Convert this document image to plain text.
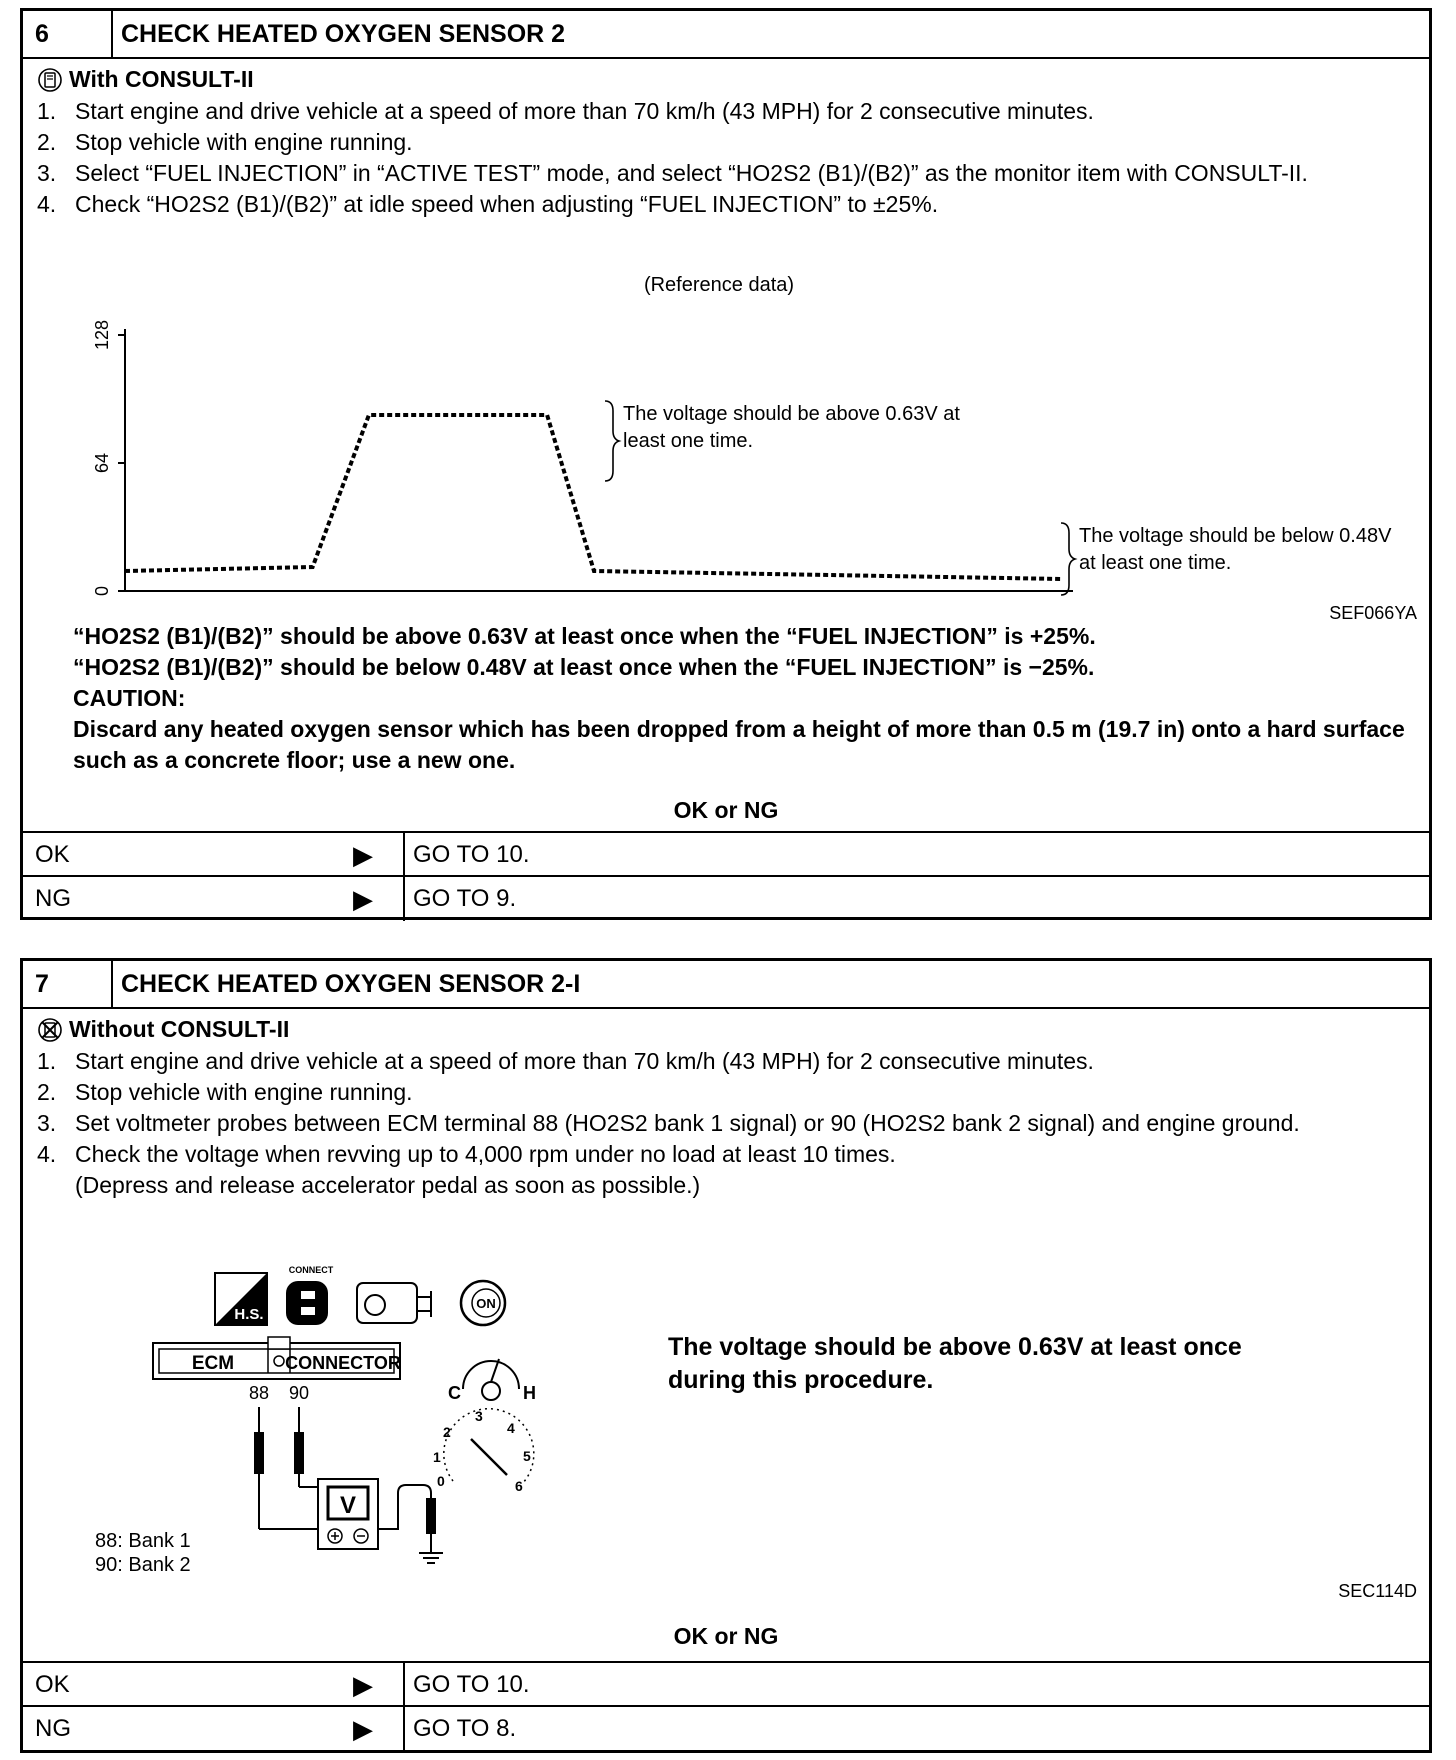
6	CHECK HEATED OXYGEN SENSOR 2
With CONSULT-II
1. Start engine and drive vehicle at a speed of more than 70 km/h (43 MPH) for 2 consecutive minutes.
2. Stop vehicle with engine running.
3. Select “FUEL INJECTION” in “ACTIVE TEST” mode, and select “HO2S2 (B1)/(B2)” as the monitor item with CONSULT-II.
4. Check “HO2S2 (B1)/(B2)” at idle speed when adjusting “FUEL INJECTION” to ±25%.
(Reference data)
0
64
128
The voltage should be above 0.63V at least one time.
The voltage should be below 0.48V at least one time.
SEF066YA
“HO2S2 (B1)/(B2)” should be above 0.63V at least once when the “FUEL INJECTION” is +25%.
“HO2S2 (B1)/(B2)” should be below 0.48V at least once when the “FUEL INJECTION” is −25%.
CAUTION:
Discard any heated oxygen sensor which has been dropped from a height of more than 0.5 m (19.7 in) onto a hard surface such as a concrete floor; use a new one.
OK or NG
OK	▶ GO TO 10.
NG	▶ GO TO 9.
7	CHECK HEATED OXYGEN SENSOR 2-I
Without CONSULT-II
1. Start engine and drive vehicle at a speed of more than 70 km/h (43 MPH) for 2 consecutive minutes.
2. Stop vehicle with engine running.
3. Set voltmeter probes between ECM terminal 88 (HO2S2 bank 1 signal) or 90 (HO2S2 bank 2 signal) and engine ground.
4. Check the voltage when revving up to 4,000 rpm under no load at least 10 times.
(Depress and release accelerator pedal as soon as possible.)
H.S.
CONNECT
ON
ECM	CONNECTOR
88 90
V
C	H
0
1
2
3
4
5
6
88: Bank 1
90: Bank 2
The voltage should be above 0.63V at least once during this procedure.
SEC114D
OK or NG
OK	▶ GO TO 10.
NG	▶ GO TO 8.
